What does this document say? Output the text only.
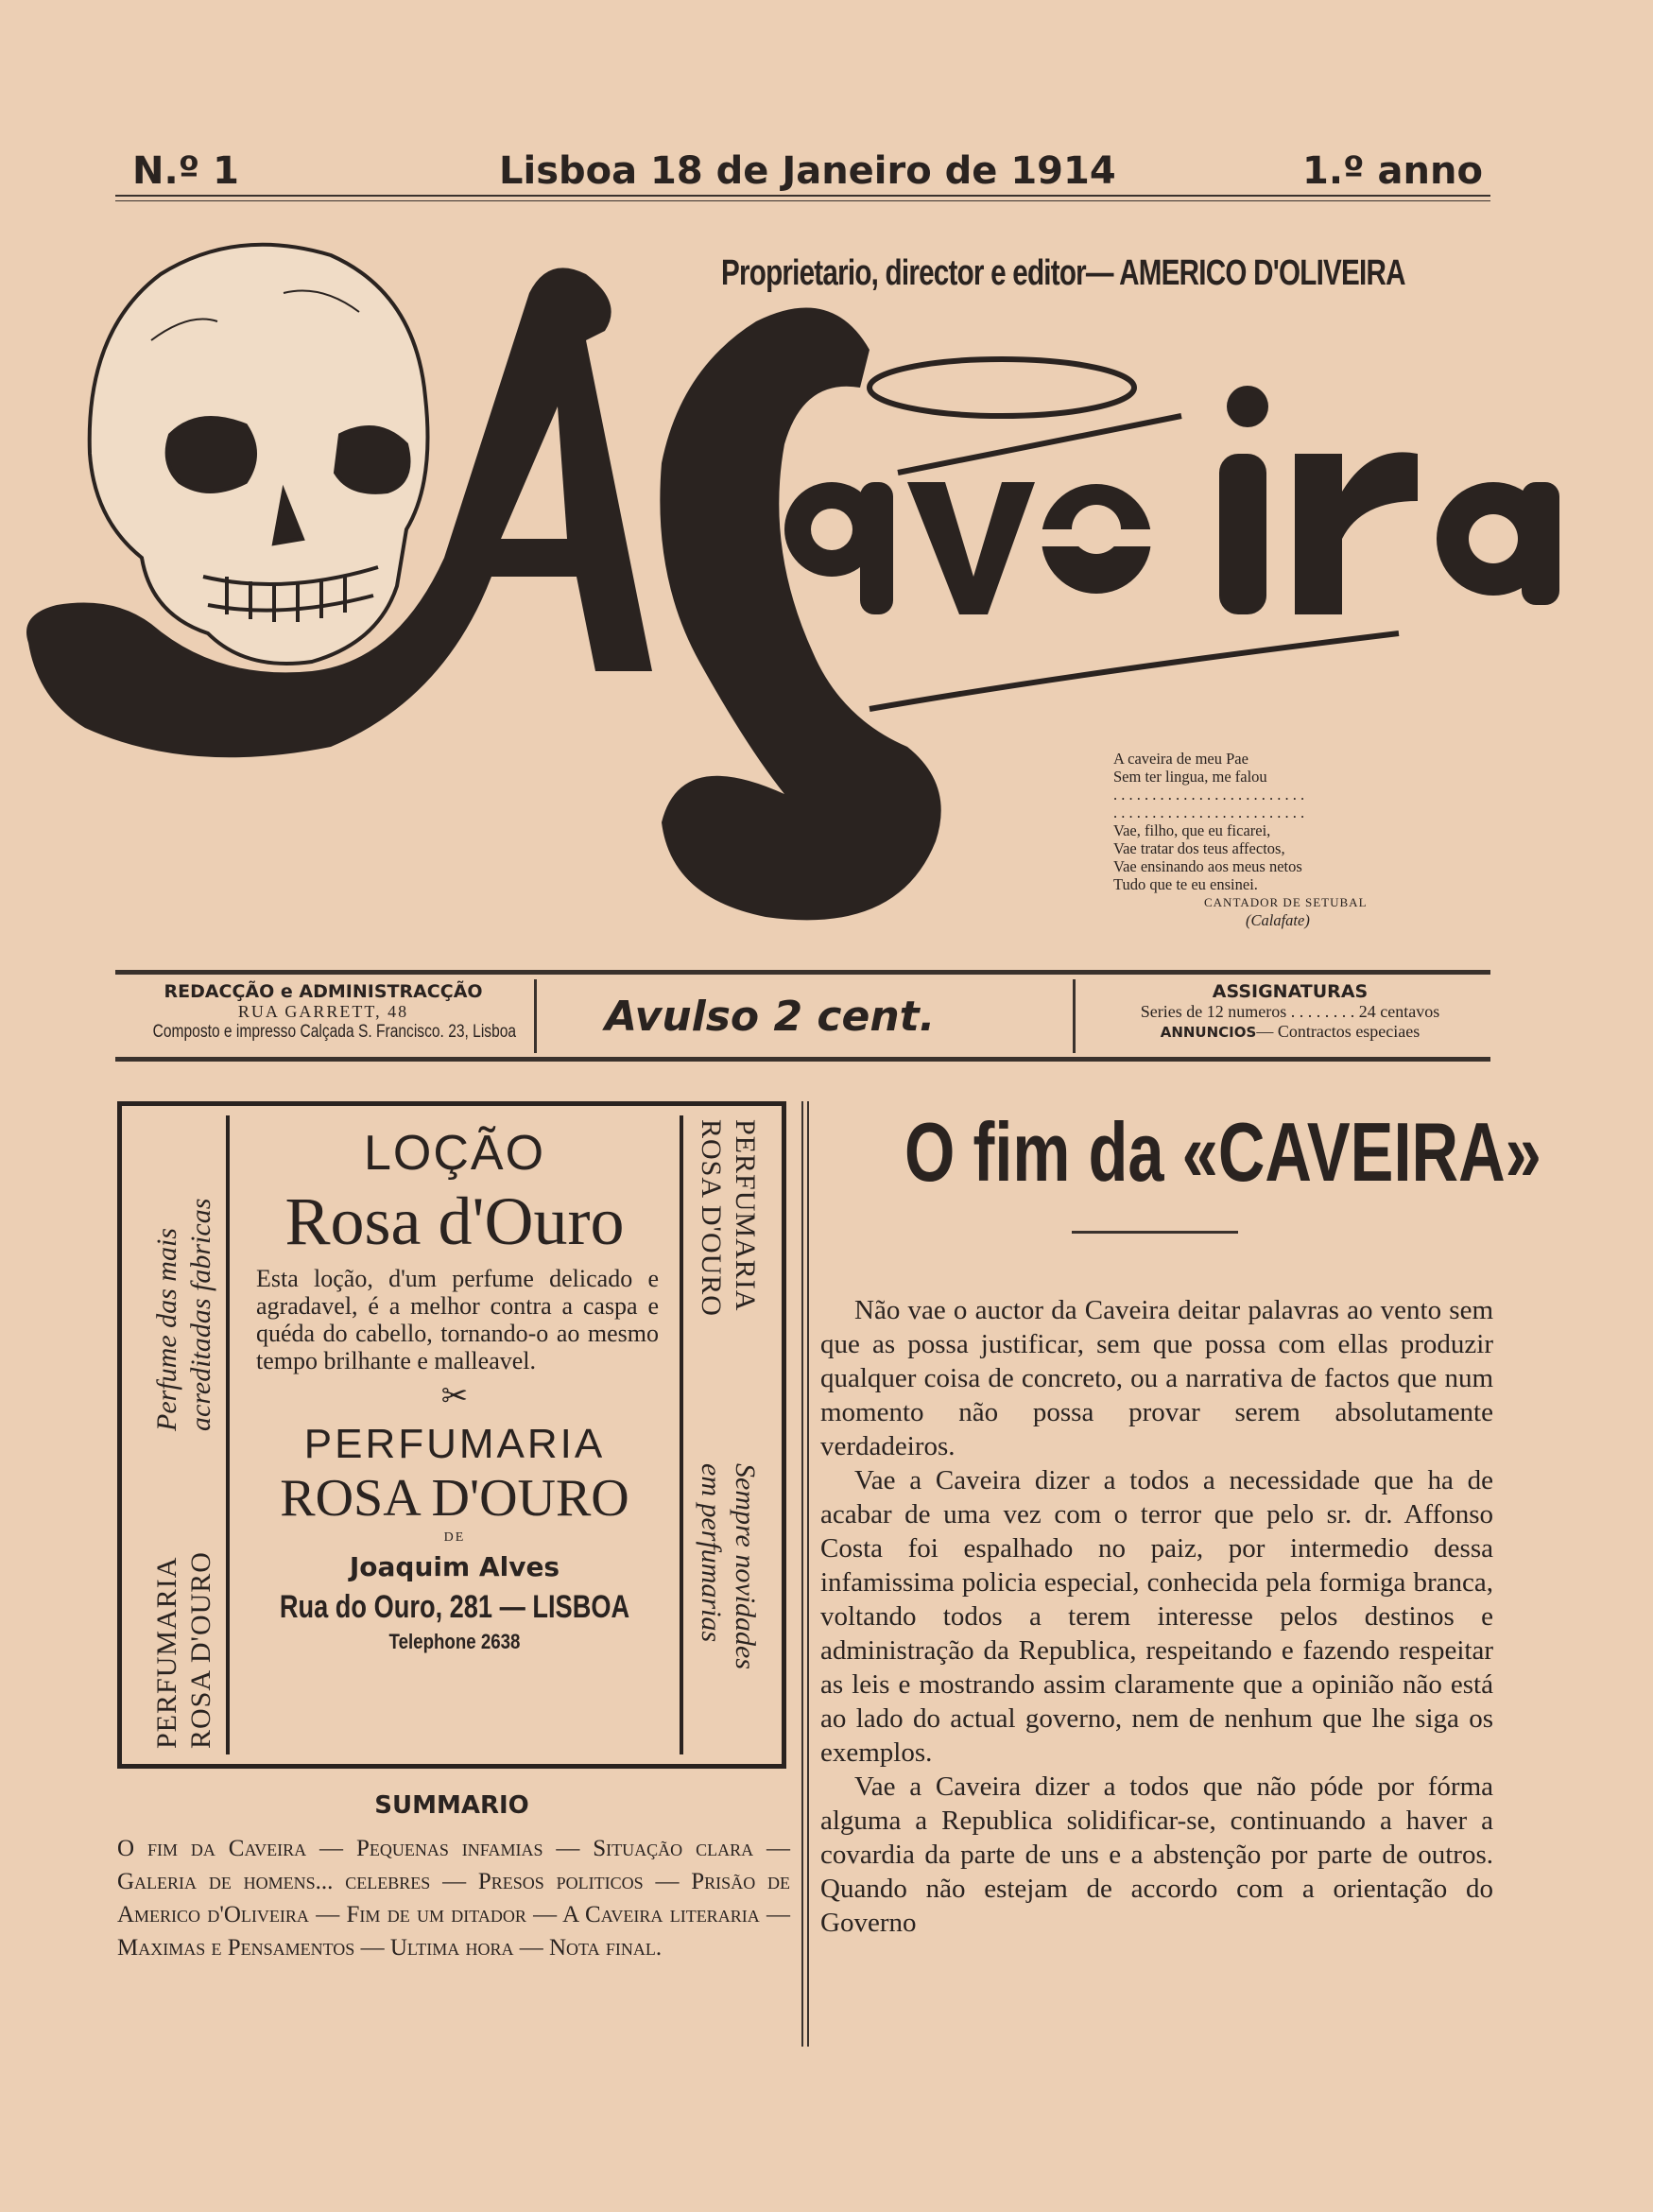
N.º 1	Lisboa 18 de Janeiro de 1914	1.º anno
Proprietario, director e editor— AMERICO D'OLIVEIRA
A caveira de meu Pae
Sem ter lingua, me falou
. . . . . . . . . . . . . . . . . . . . . . . . .
. . . . . . . . . . . . . . . . . . . . . . . . .
Vae, filho, que eu ficarei,
Vae tratar dos teus affectos,
Vae ensinando aos meus netos
Tudo que te eu ensinei.
CANTADOR DE SETUBAL
(Calafate)
REDACÇÃO e ADMINISTRACÇÃO
RUA GARRETT, 48
Composto e impresso Calçada S. Francisco. 23, Lisboa Avulso 2 cent.
ASSIGNATURAS
Series de 12 numeros . . . . . . . . 24 centavos
ANNUNCIOS— Contractos especiaes
Perfume das mais acreditadas fabricas
PERFUMARIA ROSA D'OURO
PERFUMARIA
ROSA D'OURO
Sempre novidades
em perfumarias
LOÇÃO
Rosa d'Ouro
Esta loção, d'um perfume delicado e agradavel, é a melhor contra a caspa e quéda do cabello, tornando-o ao mesmo tempo brilhante e malleavel.
✂
PERFUMARIA
ROSA D'OURO
DE
Joaquim Alves
Rua do Ouro, 281 — LISBOA
Telephone 2638
SUMMARIO
O fim da Caveira — Pequenas infamias — Situação clara — Galeria de homens... celebres — Presos politicos — Prisão de Americo d'Oliveira — Fim de um ditador — A Caveira literaria — Maximas e Pensamentos — Ultima hora — Nota final.
O fim da «CAVEIRA»
Não vae o auctor da Caveira deitar palavras ao vento sem que as possa justificar, sem que possa com ellas produzir qualquer coisa de concreto, ou a narrativa de factos que num momento não possa provar serem absolutamente verdadeiros.
Vae a Caveira dizer a todos a necessidade que ha de acabar de uma vez com o terror que pelo sr. dr. Affonso Costa foi espalhado no paiz, por intermedio dessa infamissima policia especial, conhecida pela formiga branca, voltando todos a terem interesse pelos destinos e administração da Republica, respeitando e fazendo respeitar as leis e mostrando assim claramente que a opinião não está ao lado do actual governo, nem de nenhum que lhe siga os exemplos.
Vae a Caveira dizer a todos que não póde por fórma alguma a Republica solidificar-se, continuando a haver a covardia da parte de uns e a abstenção por parte de outros. Quando não estejam de accordo com a orientação do Governo
